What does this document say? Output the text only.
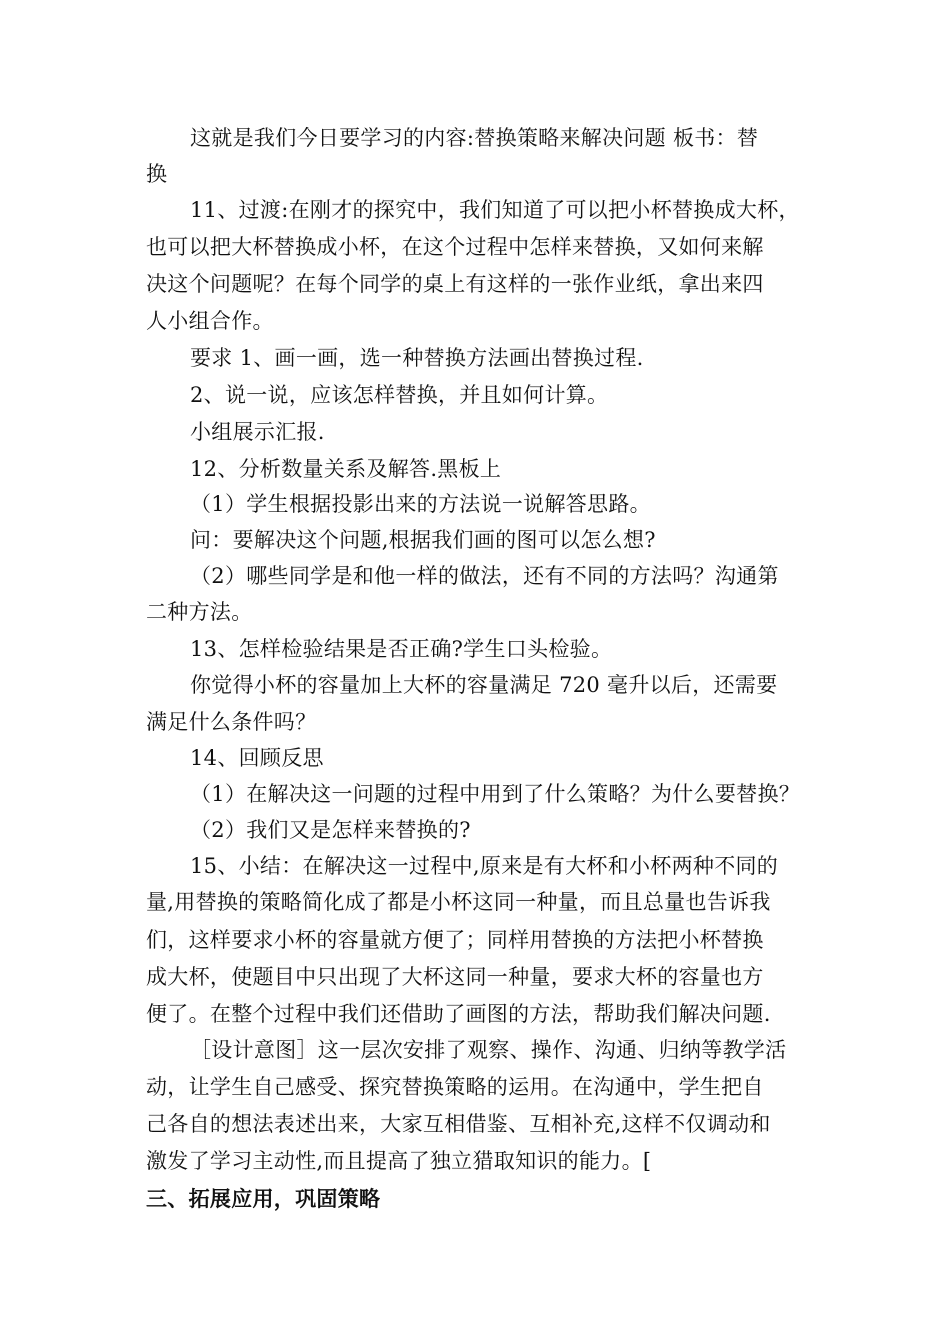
这就是我们今日要学习的内容:替换策略来解决问题 板书：替
换
11、过渡:在刚才的探究中，我们知道了可以把小杯替换成大杯，
也可以把大杯替换成小杯，在这个过程中怎样来替换，又如何来解
决这个问题呢？在每个同学的桌上有这样的一张作业纸，拿出来四
人小组合作。
要求 1、画一画，选一种替换方法画出替换过程.
2、说一说，应该怎样替换，并且如何计算。
小组展示汇报.
12、分析数量关系及解答.黑板上
（1）学生根据投影出来的方法说一说解答思路。
问：要解决这个问题,根据我们画的图可以怎么想?
（2）哪些同学是和他一样的做法，还有不同的方法吗？沟通第
二种方法。
13、怎样检验结果是否正确?学生口头检验。
你觉得小杯的容量加上大杯的容量满足 720 毫升以后，还需要
满足什么条件吗？
14、回顾反思
（1）在解决这一问题的过程中用到了什么策略？为什么要替换？
（2）我们又是怎样来替换的?
15、小结：在解决这一过程中,原来是有大杯和小杯两种不同的
量,用替换的策略简化成了都是小杯这同一种量，而且总量也告诉我
们，这样要求小杯的容量就方便了；同样用替换的方法把小杯替换
成大杯，使题目中只出现了大杯这同一种量，要求大杯的容量也方
便了。在整个过程中我们还借助了画图的方法，帮助我们解决问题.
［设计意图］这一层次安排了观察、操作、沟通、归纳等教学活
动，让学生自己感受、探究替换策略的运用。在沟通中，学生把自
己各自的想法表述出来，大家互相借鉴、互相补充,这样不仅调动和
激发了学习主动性,而且提高了独立猎取知识的能力。[
三、拓展应用，巩固策略
